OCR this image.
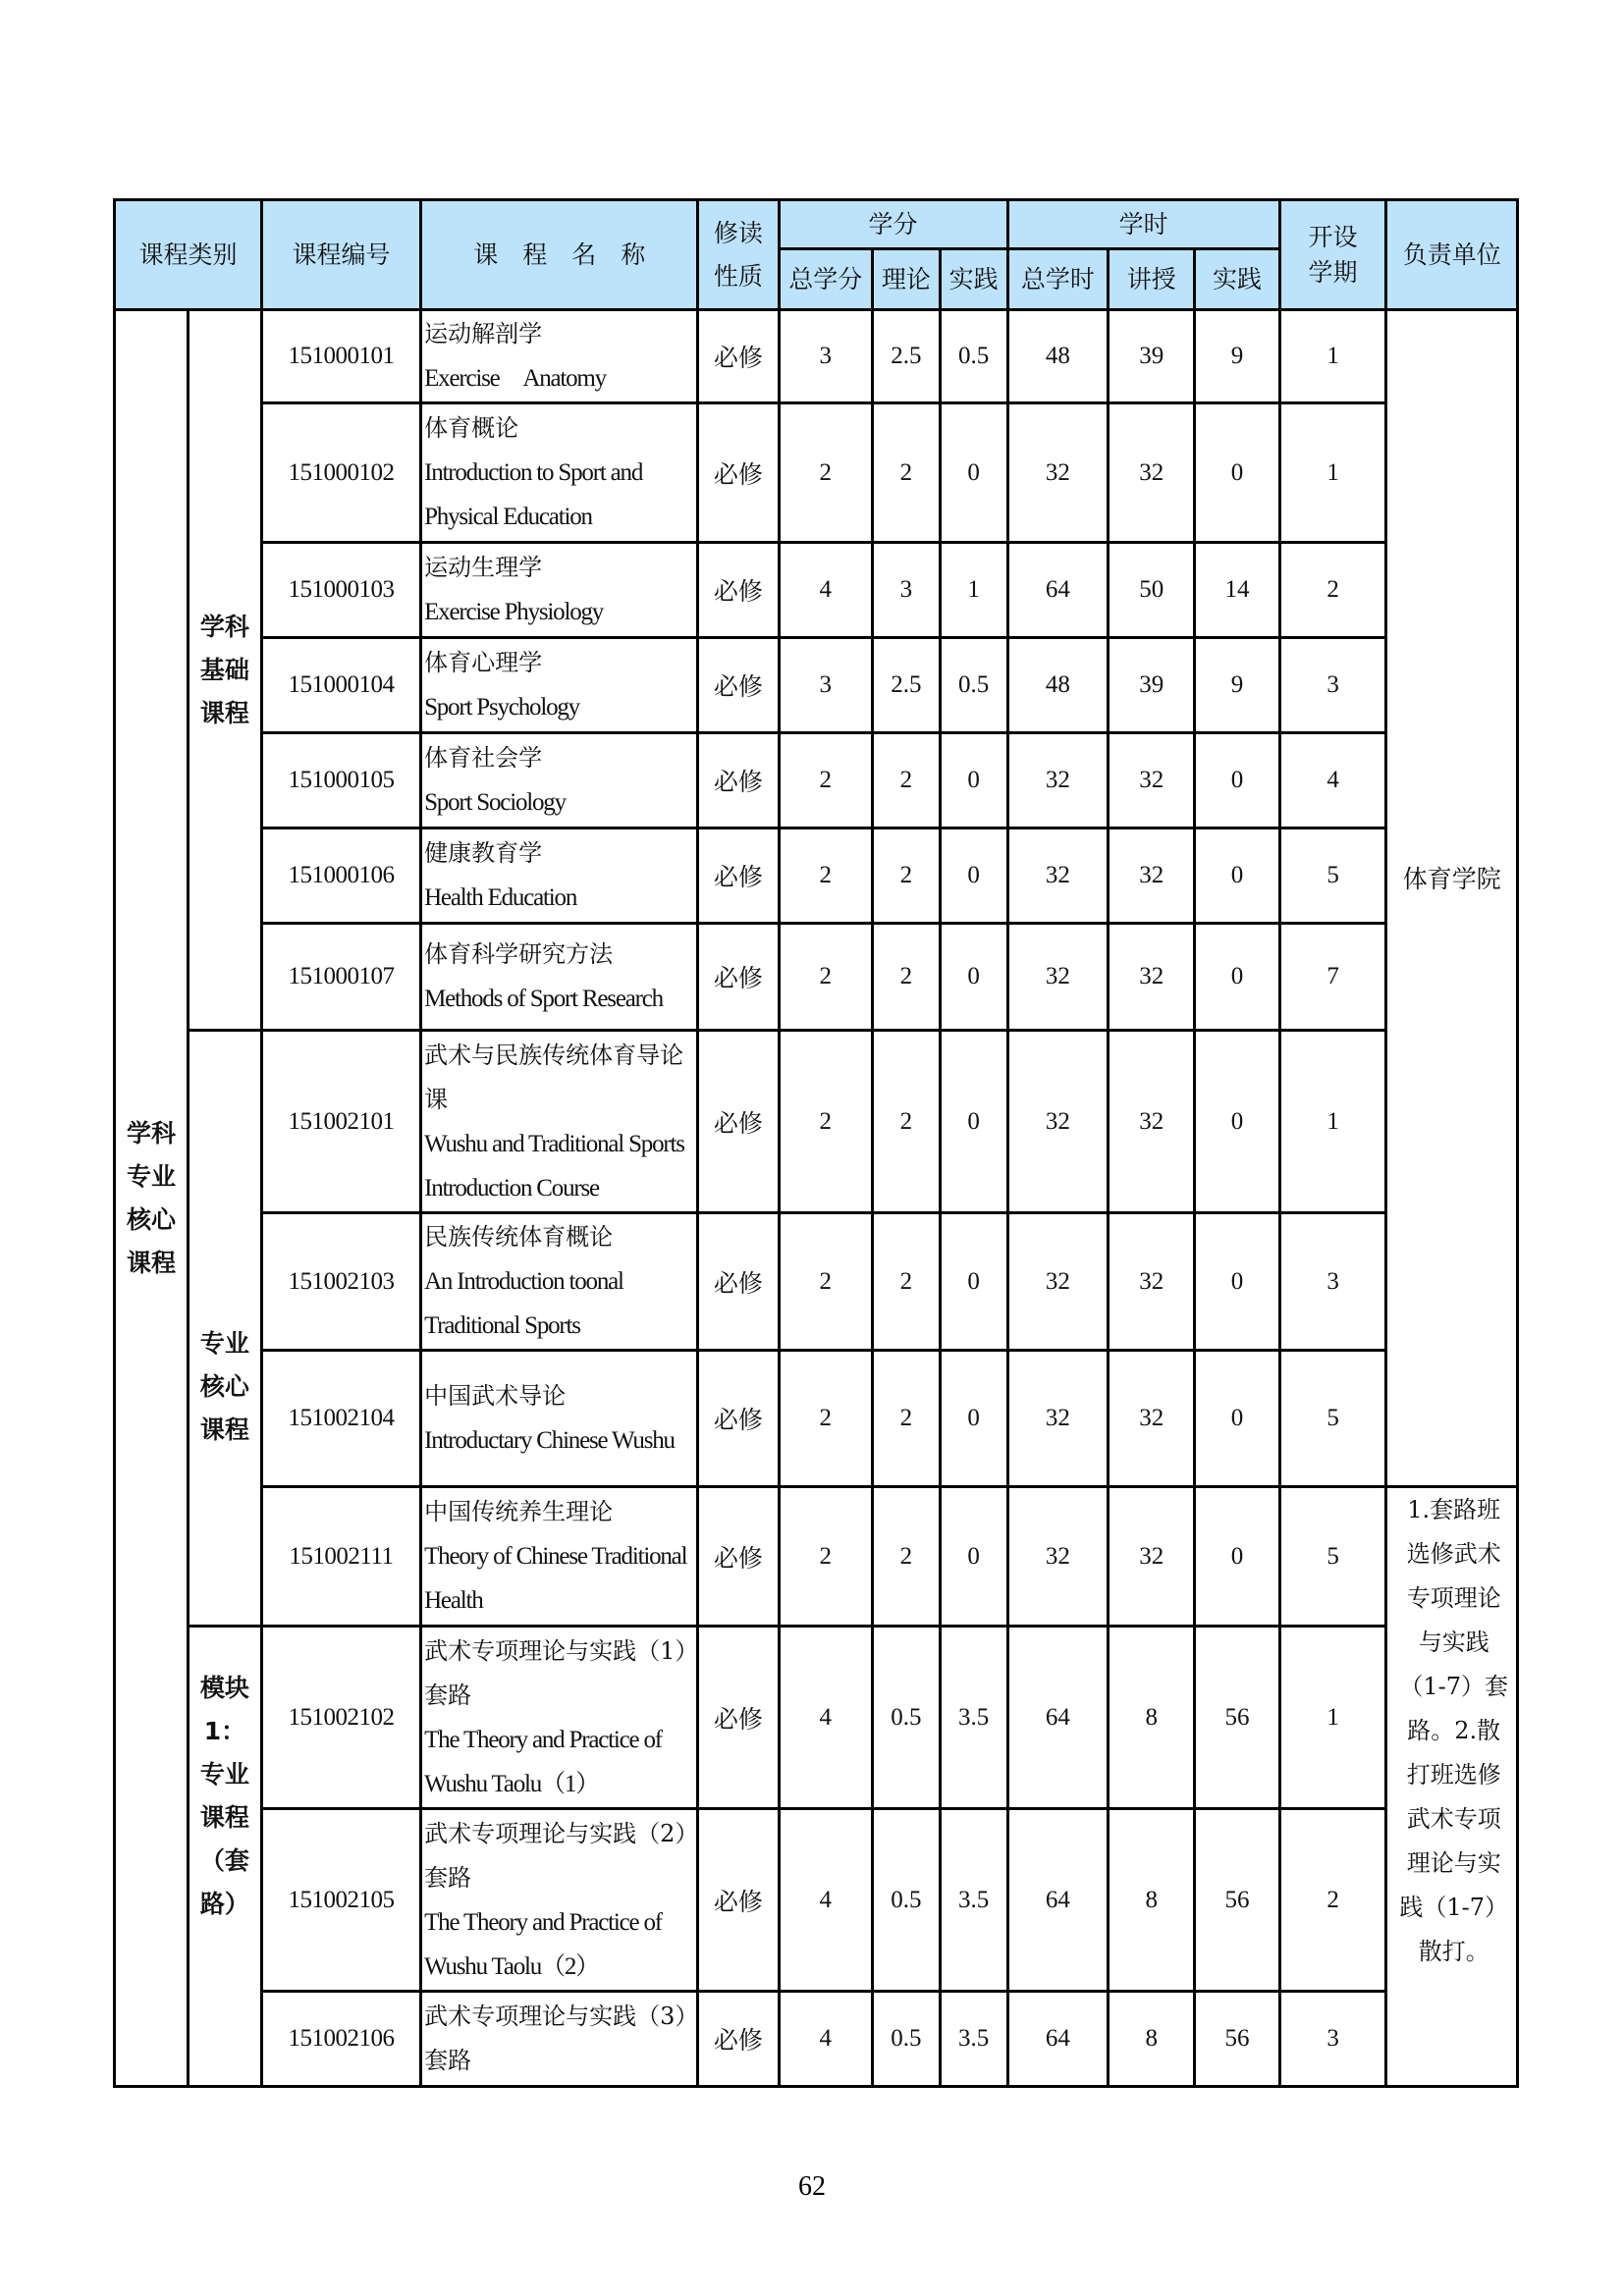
课程类别		课程编号	课　程　名　称	修读性质	学分			学时			开设学期	负责单位
					总学分	理论	实践	总学时	讲授	实践		
学科专业核心课程	学科基础课程	151000101	运动解剖学
Exercise　Anatomy	必修	3	2.5	0.5	48	39	9	1	体育学院

		151000102	体育概论
Introduction to Sport and Physical Education	必修	2	2	0	32	32	0	1	
		151000103	运动生理学
Exercise Physiology	必修	4	3	1	64	50	14	2	
		151000104	体育心理学
Sport Psychology	必修	3	2.5	0.5	48	39	9	3	
		151000105	体育社会学
Sport Sociology	必修	2	2	0	32	32	0	4	
		151000106	健康教育学
Health Education	必修	2	2	0	32	32	0	5	
		151000107	体育科学研究方法
Methods of Sport Research	必修	2	2	0	32	32	0	7	
	专业核心课程	151002101	武术与民族传统体育导论课
Wushu and Traditional Sports Introduction Course	必修	2	2	0	32	32	0	1	
		151002103	民族传统体育概论
An Introduction toonal Traditional Sports	必修	2	2	0	32	32	0	3	
		151002104	中国武术导论
Introductary Chinese Wushu	必修	2	2	0	32	32	0	5	
		151002111	中国传统养生理论
Theory of Chinese Traditional Health	必修	2	2	0	32	32	0	5	1.套路班选修武术专项理论与实践（1-7）套路。2.散打班选修武术专项理论与实践（1-7）散打。

	模块1：专业课程（套路）	151002102	武术专项理论与实践（1）套路
The Theory and Practice of　Wushu Taolu（1）	必修	4	0.5	3.5	64	8	56	1	
		151002105	武术专项理论与实践（2）套路
The Theory and Practice of　Wushu Taolu（2）	必修	4	0.5	3.5	64	8	56	2	
		151002106	武术专项理论与实践（3）套路	必修	4	0.5	3.5	64	8	56	3	
62
